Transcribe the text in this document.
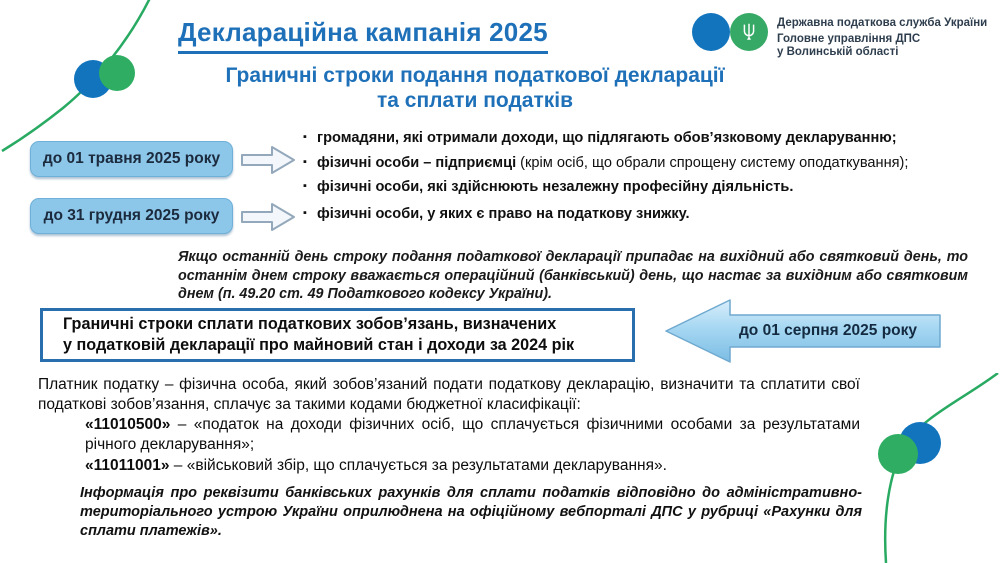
Деклараційна кампанія 2025	Державна податкова служба України
Головне управління ДПС
у Волинській області
Граничні строки подання податкової декларації
та сплати податків
до 01 травня 2025 року
▪ громадяни, які отримали доходи, що підлягають обов’язковому декларуванню;
▪ фізичні особи – підприємці (крім осіб, що обрали спрощену систему оподаткування);
▪ фізичні особи, які здійснюють незалежну професійну діяльність.
до 31 грудня 2025 року	▪ фізичні особи, у яких є право на податкову знижку.

Якщо останній день строку подання податкової декларації припадає на вихідний або святковий день, то останнім днем строку вважається операційний (банківський) день, що настає за вихідним або святковим днем (п. 49.20 ст. 49 Податкового кодексу України).

Граничні строки сплати податкових зобов’язань, визначених
у податковій декларації про майновий стан і доходи за 2024 рік
до 01 серпня 2025 року

Платник податку – фізична особа, який зобов’язаний подати податкову декларацію, визначити та сплатити свої податкові зобов’язання, сплачує за такими кодами бюджетної класифікації:

«11010500» – «податок на доходи фізичних осіб, що сплачується фізичними особами за результатами річного декларування»;

«11011001» – «військовий збір, що сплачується за результатами декларування».

Інформація про реквізити банківських рахунків для сплати податків відповідно до адміністративно-територіального устрою України оприлюднена на офіційному вебпорталі ДПС у рубриці «Рахунки для сплати платежів».
